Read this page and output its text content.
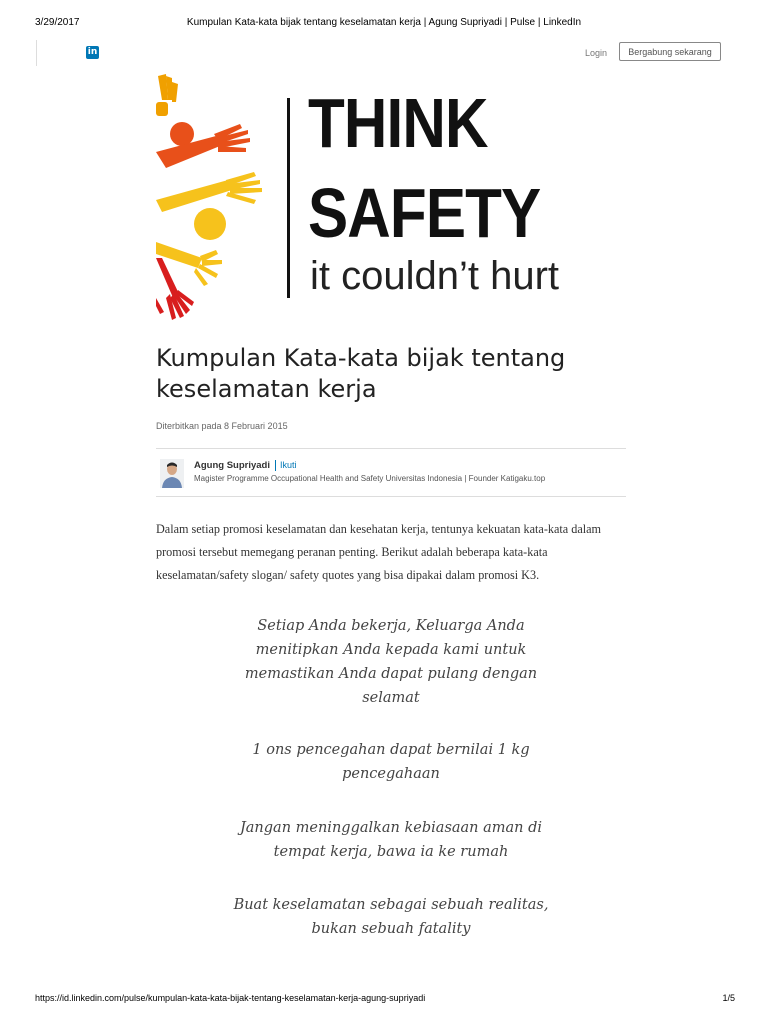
3/29/2017	Kumpulan Kata-kata bijak tentang keselamatan kerja | Agung Supriyadi | Pulse | LinkedIn
in	Login	Bergabung sekarang
THINK
SAFETY
it couldn’t hurt
Kumpulan Kata-kata bijak tentang keselamatan kerja
Diterbitkan pada 8 Februari 2015
Agung Supriyadi Ikuti
Magister Programme Occupational Health and Safety Universitas Indonesia | Founder Katigaku.top

Dalam setiap promosi keselamatan dan kesehatan kerja, tentunya kekuatan kata-kata dalam promosi tersebut memegang peranan penting. Berikut adalah beberapa kata-kata keselamatan/safety slogan/ safety quotes yang bisa dipakai dalam promosi K3.

Setiap Anda bekerja, Keluarga Anda menitipkan Anda kepada kami untuk memastikan Anda dapat pulang dengan selamat

1 ons pencegahan dapat bernilai 1 kg pencegahaan

Jangan meninggalkan kebiasaan aman di tempat kerja, bawa ia ke rumah

Buat keselamatan sebagai sebuah realitas, bukan sebuah fatality

https://id.linkedin.com/pulse/kumpulan-kata-kata-bijak-tentang-keselamatan-kerja-agung-supriyadi	1/5
